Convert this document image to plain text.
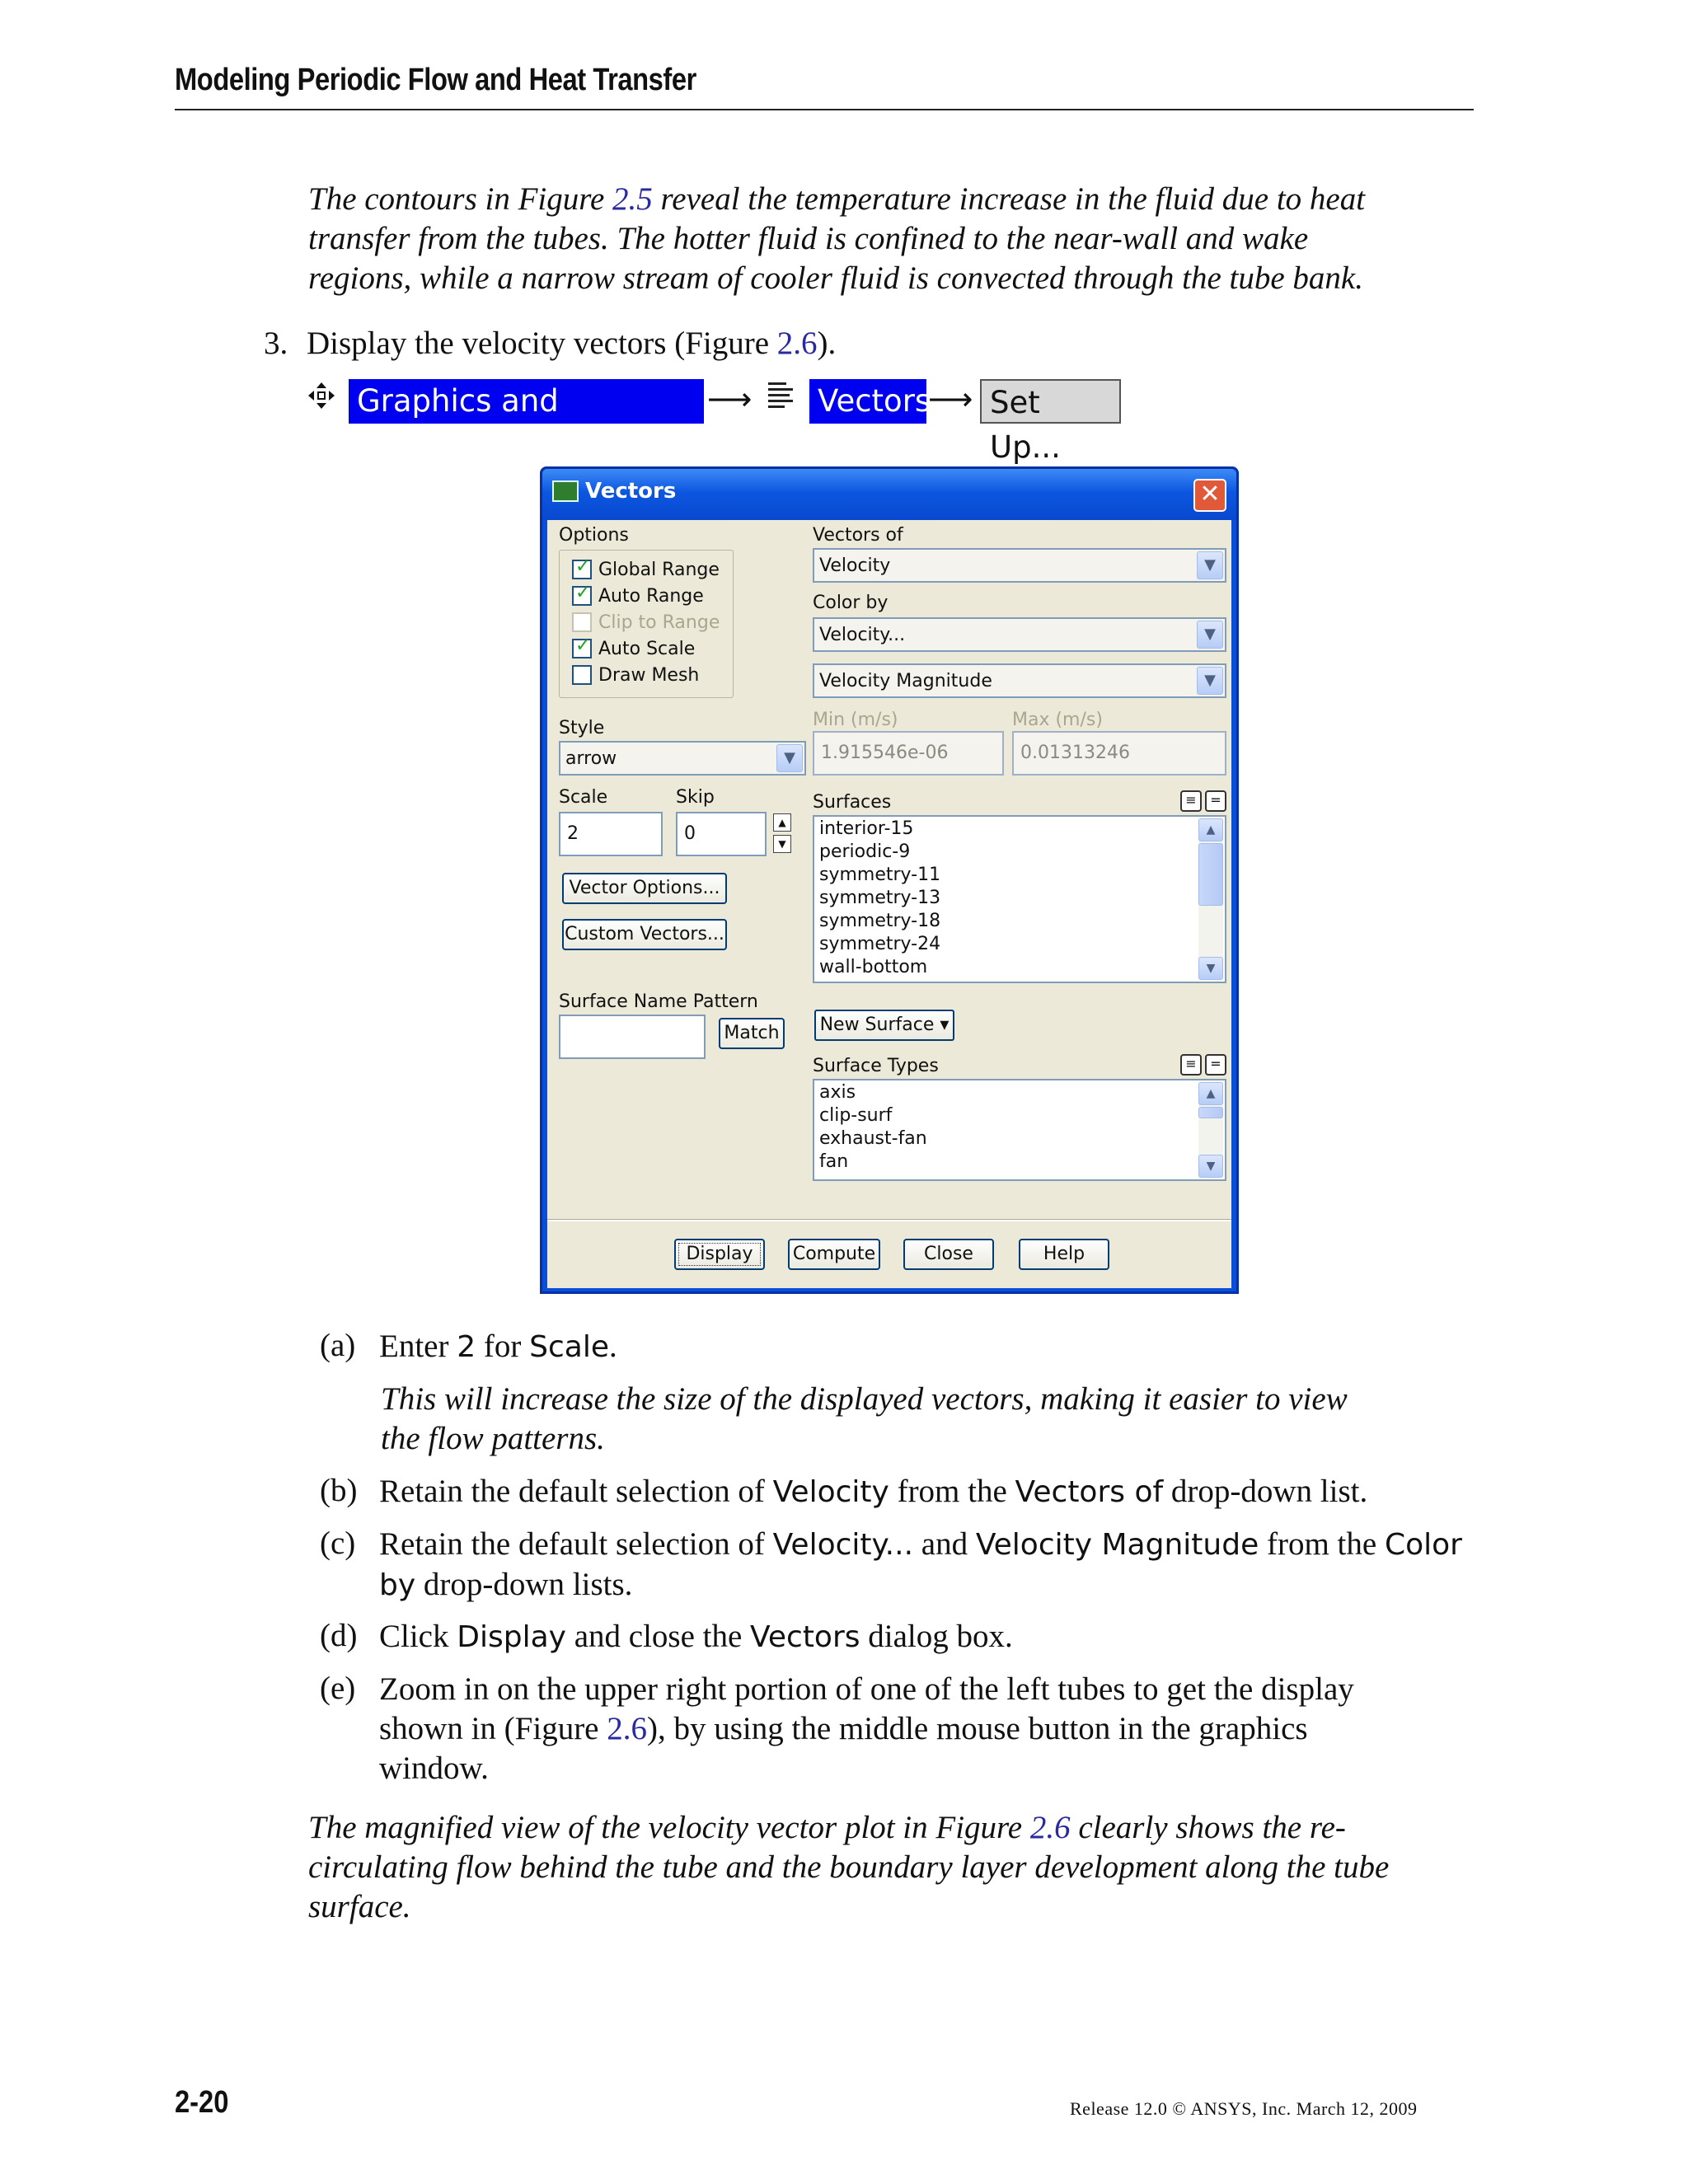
Modeling Periodic Flow and Heat Transfer
The contours in Figure 2.5 reveal the temperature increase in the fluid due to heat
transfer from the tubes. The hotter fluid is confined to the near-wall and wake
regions, while a narrow stream of cooler fluid is convected through the tube bank.
3. Display the velocity vectors (Figure 2.6).
Graphics and Animations
⟶ Vectors
⟶ Set Up...
Vectors	✕
Options
✓ Global Range
✓ Auto Range
Clip to Range
✓ Auto Scale
Draw Mesh
Style
arrow	▼
Scale
2
Skip
0
▲
▼
Vector Options...
Custom Vectors...
Surface Name Pattern
Match
Vectors of
Velocity	▼
Color by
Velocity...	▼
Velocity Magnitude	▼
Min (m/s)
1.915546e-06
Max (m/s)
0.01313246
Surfaces	≡	=
interior-15
periodic-9
symmetry-11
symmetry-13
symmetry-18
symmetry-24
wall-bottom
▲
▼
New Surface ▾
Surface Types	≡	=
axis
clip-surf
exhaust-fan
fan
▲
▼
Display	Compute	Close	Help
(a) Enter 2 for Scale.
This will increase the size of the displayed vectors, making it easier to view
the flow patterns.
(b) Retain the default selection of Velocity from the Vectors of drop-down list.
(c) Retain the default selection of Velocity... and Velocity Magnitude from the Color
by drop-down lists.
(d) Click Display and close the Vectors dialog box.
(e) Zoom in on the upper right portion of one of the left tubes to get the display
shown in (Figure 2.6), by using the middle mouse button in the graphics
window.
The magnified view of the velocity vector plot in Figure 2.6 clearly shows the re-
circulating flow behind the tube and the boundary layer development along the tube
surface.
2-20	Release 12.0 © ANSYS, Inc. March 12, 2009
